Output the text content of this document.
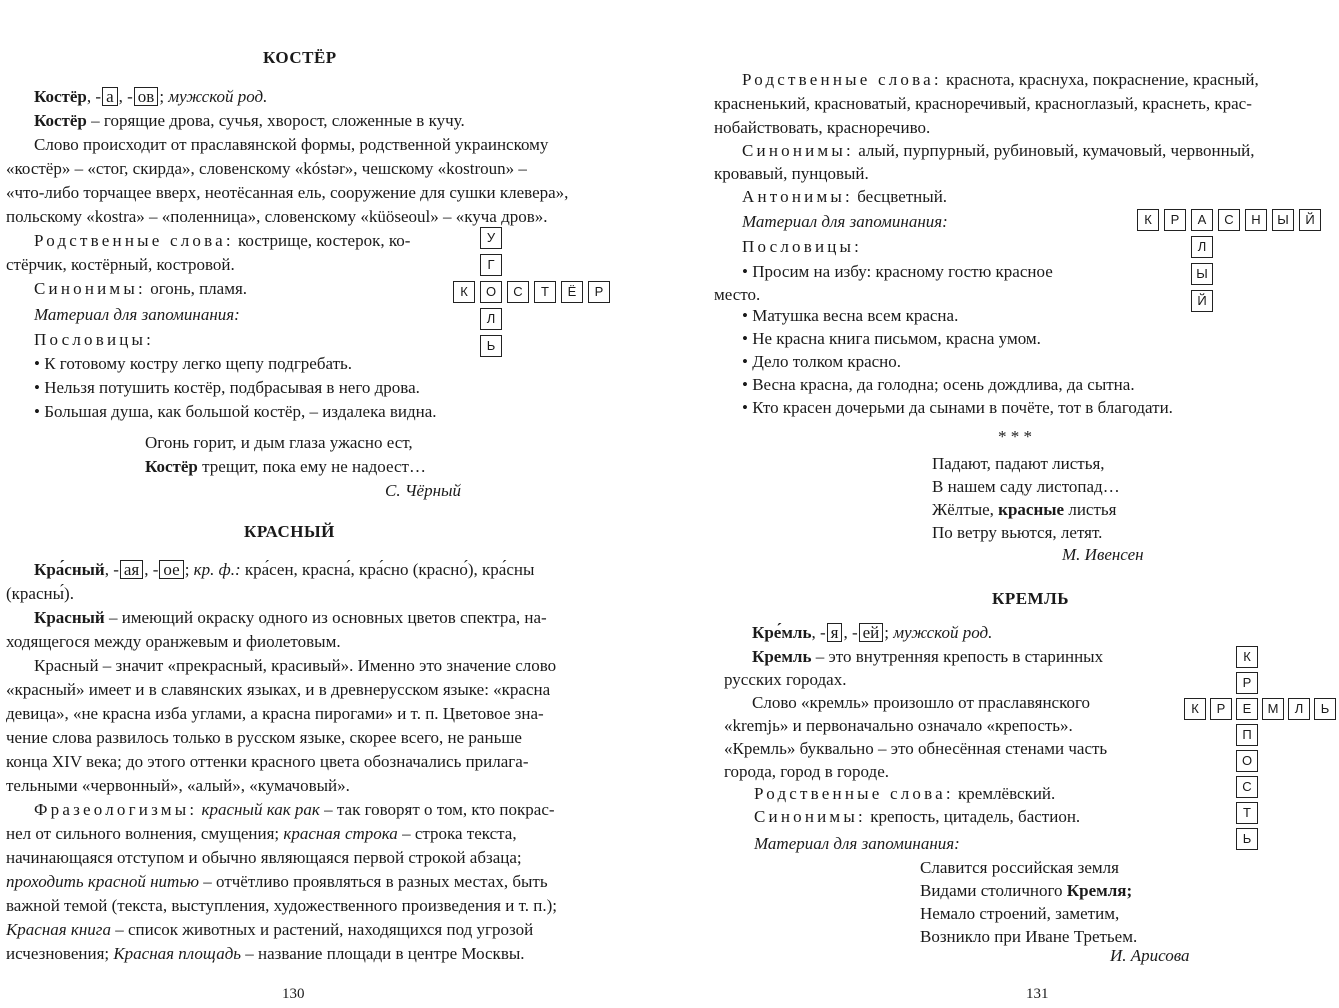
КОСТЁР
Костёр, - а , - ов ; мужской род.
Костёр – горящие дрова, сучья, хворост, сложенные в кучу.
Слово происходит от праславянской формы, родственной украинскому
«костёр» – «стог, скирда», словенскому «kóstər», чешскому «kostroun» –
«что-либо торчащее вверх, неотёсанная ель, сооружение для сушки клевера»,
польскому «kostra» – «поленница», словенскому «küöseoul» – «куча дров».
Родственные слова: кострище, костерок, ко-
стёрчик, костёрный, костровой.
Синонимы: огонь, пламя.
Материал для запоминания:
Пословицы:
• К готовому костру легко щепу подгребать.
• Нельзя потушить костёр, подбрасывая в него дрова.
• Большая душа, как большой костёр, – издалека видна.
Огонь горит, и дым глаза ужасно ест,
Костёр трещит, пока ему не надоест…
С. Чёрный
У
Г
К	О	С	Т	Ё	Р
Л
Ь
КРАСНЫЙ
Кра́сный, - ая , - ое ; кр. ф.: кра́сен, красна́, кра́сно (красно́), кра́сны
(красны́).
Красный – имеющий окраску одного из основных цветов спектра, на-
ходящегося между оранжевым и фиолетовым.
Красный – значит «прекрасный, красивый». Именно это значение слово
«красный» имеет и в славянских языках, и в древнерусском языке: «красна
девица», «не красна изба углами, а красна пирогами» и т. п. Цветовое зна-
чение слова развилось только в русском языке, скорее всего, не раньше
конца XIV века; до этого оттенки красного цвета обозначались прилага-
тельными «червонный», «алый», «кумачовый».
Фразеологизмы: красный как рак – так говорят о том, кто покрас-
нел от сильного волнения, смущения; красная строка – строка текста,
начинающаяся отступом и обычно являющаяся первой строкой абзаца;
проходить красной нитью – отчётливо проявляться в разных местах, быть
важной темой (текста, выступления, художественного произведения и т. п.);
Красная книга – список животных и растений, находящихся под угрозой
исчезновения; Красная площадь – название площади в центре Москвы.
130
Родственные слова: краснота, краснуха, покраснение, красный,
красненький, красноватый, красноречивый, красноглазый, краснеть, крас-
нобайствовать, красноречиво.
Синонимы: алый, пурпурный, рубиновый, кумачовый, червонный,
кровавый, пунцовый.
Антонимы: бесцветный.
Материал для запоминания:
Пословицы:
• Просим на избу: красному гостю красное
место.
• Матушка весна всем красна.
• Не красна книга письмом, красна умом.
• Дело толком красно.
• Весна красна, да голодна; осень дождлива, да сытна.
• Кто красен дочерьми да сынами в почёте, тот в благодати.
* * *
Падают, падают листья,
В нашем саду листопад…
Жёлтые, красные листья
По ветру вьются, летят.
М. Ивенсен
К	Р	А	С	Н	Ы	Й
Л
Ы
Й
КРЕМЛЬ
Кре́мль, - я , - ей ; мужской род.
Кремль – это внутренняя крепость в старинных
русских городах.
Слово «кремль» произошло от праславянского
«kremjь» и первоначально означало «крепость».
«Кремль» буквально – это обнесённая стенами часть
города, город в городе.
Родственные слова: кремлёвский.
Синонимы: крепость, цитадель, бастион.
Материал для запоминания:
Славится российская земля
Видами столичного Кремля;
Немало строений, заметим,
Возникло при Иване Третьем.
И. Арисова
К
Р
К	Р	Е	М	Л	Ь
П
О
С
Т
Ь
131
